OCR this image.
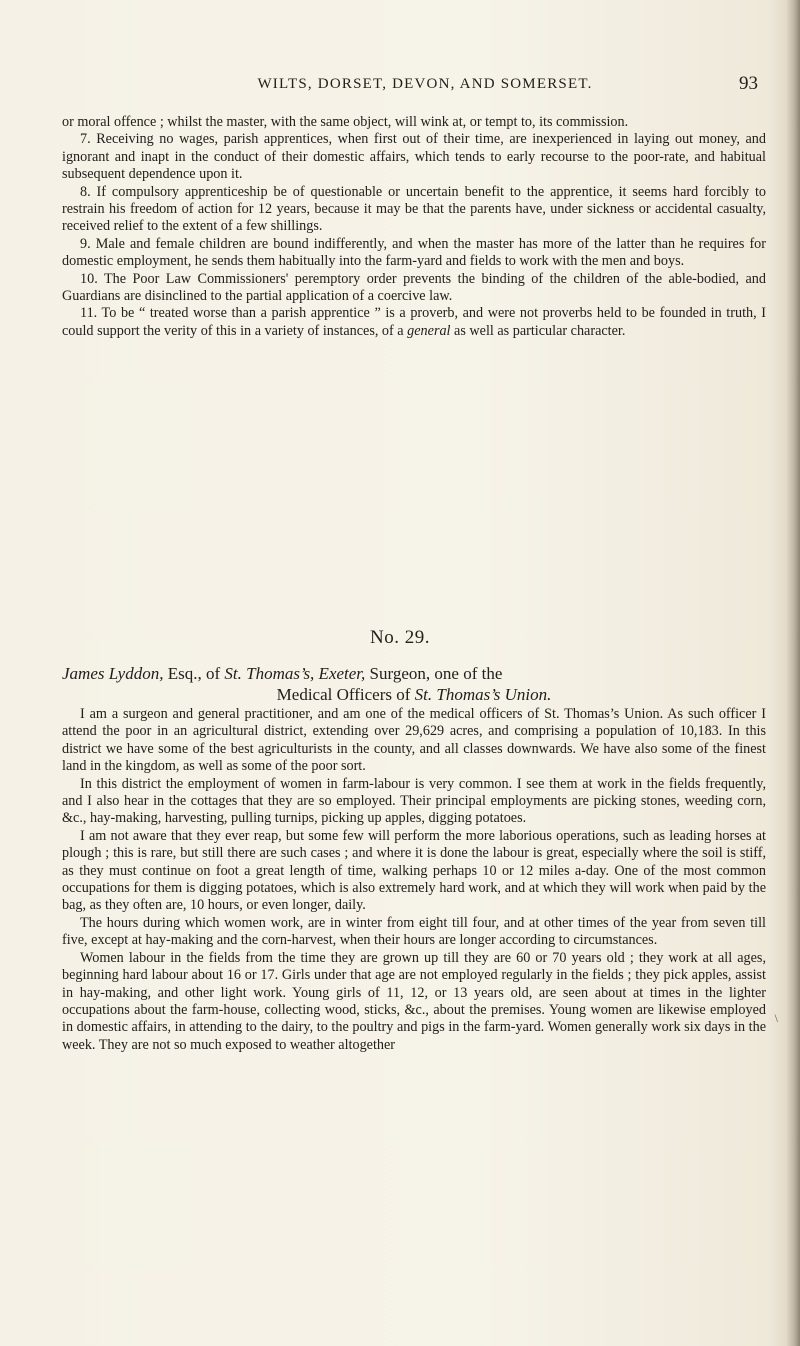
WILTS, DORSET, DEVON, AND SOMERSET.	93

or moral offence ; whilst the master, with the same object, will wink at, or tempt to, its commission.

7. Receiving no wages, parish apprentices, when first out of their time, are inexperienced in laying out money, and ignorant and inapt in the conduct of their domestic affairs, which tends to early recourse to the poor-rate, and habitual subsequent dependence upon it.

8. If compulsory apprenticeship be of questionable or uncertain benefit to the apprentice, it seems hard forcibly to restrain his freedom of action for 12 years, because it may be that the parents have, under sickness or accidental casualty, received relief to the extent of a few shillings.

9. Male and female children are bound indifferently, and when the master has more of the latter than he requires for domestic employment, he sends them habitually into the farm-yard and fields to work with the men and boys.

10. The Poor Law Commissioners' peremptory order prevents the binding of the children of the able-bodied, and Guardians are disinclined to the partial application of a coercive law.

11. To be “ treated worse than a parish apprentice ” is a proverb, and were not proverbs held to be founded in truth, I could support the verity of this in a variety of instances, of a general as well as particular character.

No. 29.
James Lyddon, Esq., of St. Thomas’s, Exeter, Surgeon, one of the
Medical Officers of St. Thomas’s Union.

I am a surgeon and general practitioner, and am one of the medical officers of St. Thomas’s Union. As such officer I attend the poor in an agricultural district, extending over 29,629 acres, and comprising a population of 10,183. In this district we have some of the best agriculturists in the county, and all classes downwards. We have also some of the finest land in the kingdom, as well as some of the poor sort.

In this district the employment of women in farm-labour is very common. I see them at work in the fields frequently, and I also hear in the cottages that they are so employed. Their principal employments are picking stones, weeding corn, &c., hay-making, harvesting, pulling turnips, picking up apples, digging potatoes.

I am not aware that they ever reap, but some few will perform the more laborious operations, such as leading horses at plough ; this is rare, but still there are such cases ; and where it is done the labour is great, especially where the soil is stiff, as they must continue on foot a great length of time, walking perhaps 10 or 12 miles a-day. One of the most common occupations for them is digging potatoes, which is also extremely hard work, and at which they will work when paid by the bag, as they often are, 10 hours, or even longer, daily.

The hours during which women work, are in winter from eight till four, and at other times of the year from seven till five, except at hay-making and the corn-harvest, when their hours are longer according to circumstances.

Women labour in the fields from the time they are grown up till they are 60 or 70 years old ; they work at all ages, beginning hard labour about 16 or 17. Girls under that age are not employed regularly in the fields ; they pick apples, assist in hay-making, and other light work. Young girls of 11, 12, or 13 years old, are seen about at times in the lighter occupations about the farm-house, collecting wood, sticks, &c., about the premises. Young women are likewise employed in domestic affairs, in attending to the dairy, to the poultry and pigs in the farm-yard. Women generally work six days in the week. They are not so much exposed to weather altogether

\
